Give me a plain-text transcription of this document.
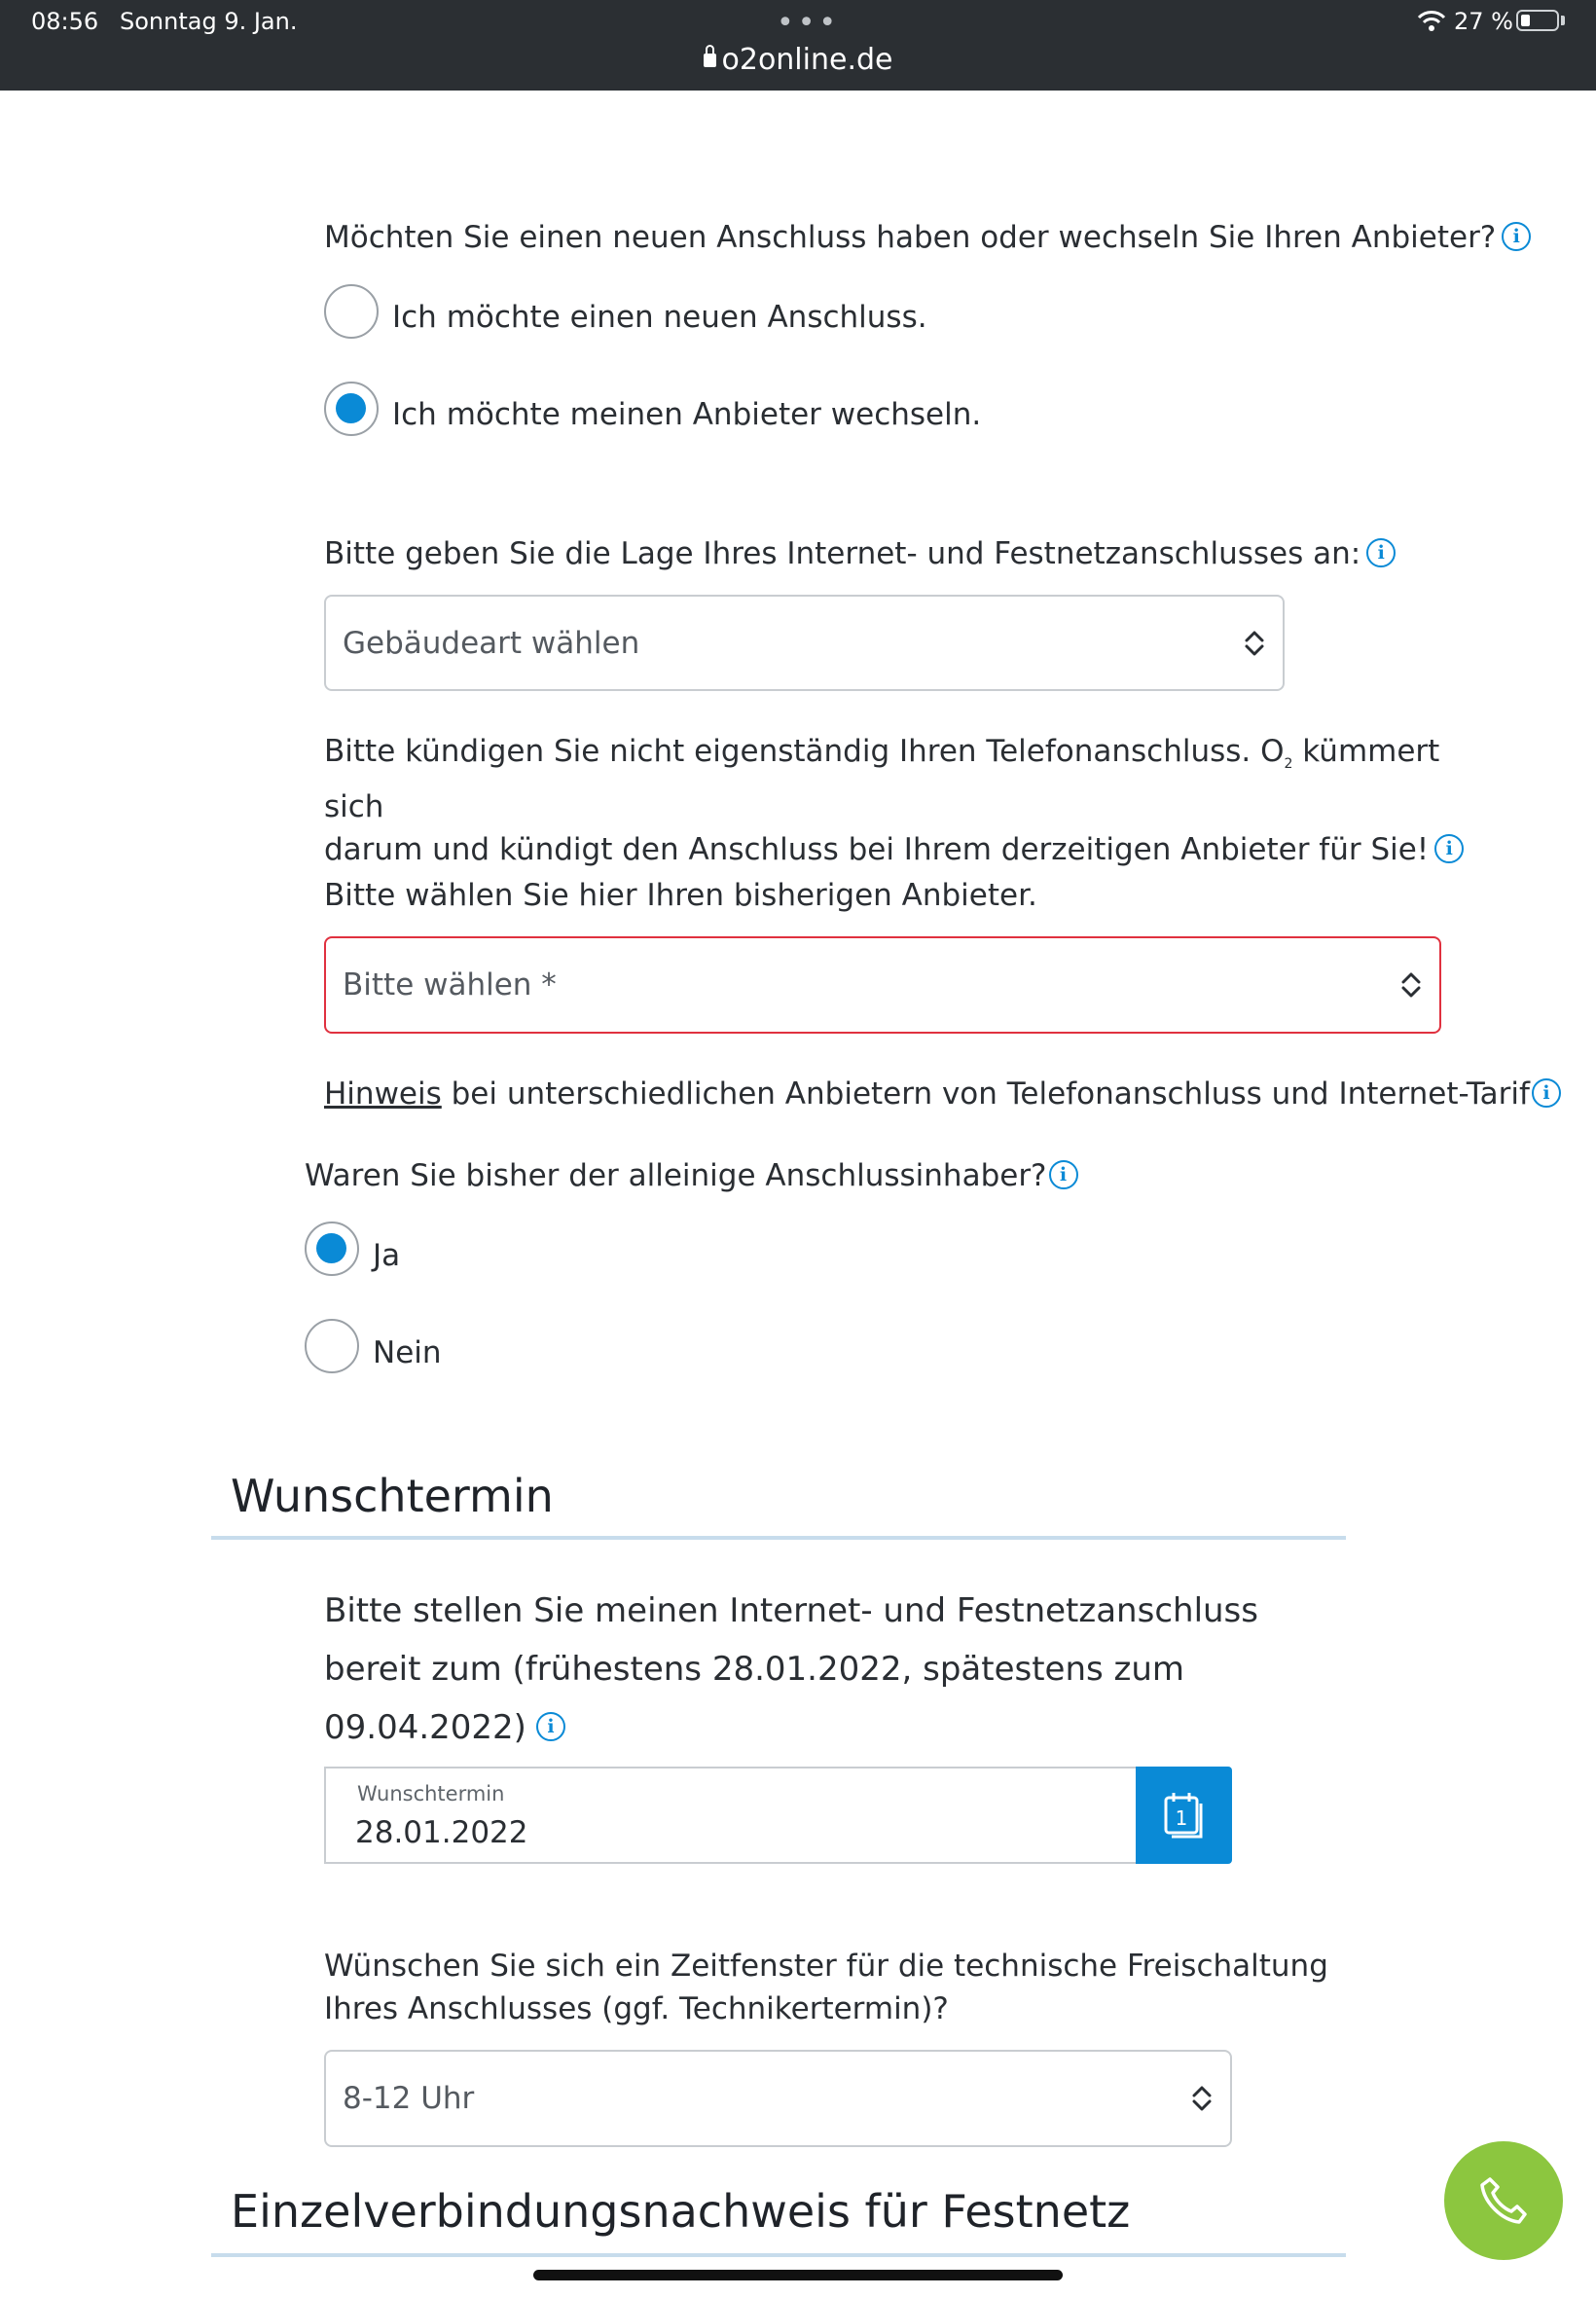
08:56 Sonntag 9. Jan.	•••
o2online.de
27 %
Möchten Sie einen neuen Anschluss haben oder wechseln Sie Ihren Anbieter? i
Ich möchte einen neuen Anschluss.
Ich möchte meinen Anbieter wechseln.
Bitte geben Sie die Lage Ihres Internet- und Festnetzanschlusses an: i
Gebäudeart wählen
Bitte kündigen Sie nicht eigenständig Ihren Telefonanschluss. $O_2$ kümmert sich
darum und kündigt den Anschluss bei Ihrem derzeitigen Anbieter für Sie! i
Bitte wählen Sie hier Ihren bisherigen Anbieter.
Bitte wählen *
Hinweis bei unterschiedlichen Anbietern von Telefonanschluss und Internet-Tarif i
Waren Sie bisher der alleinige Anschlussinhaber? i
Ja
Nein
Wunschtermin
Bitte stellen Sie meinen Internet- und Festnetzanschluss
bereit zum (frühestens 28.01.2022, spätestens zum
09.04.2022) i
Wunschtermin
28.01.2022	1
Wünschen Sie sich ein Zeitfenster für die technische Freischaltung
Ihres Anschlusses (ggf. Technikertermin)?
8-12 Uhr
Einzelverbindungsnachweis für Festnetz
